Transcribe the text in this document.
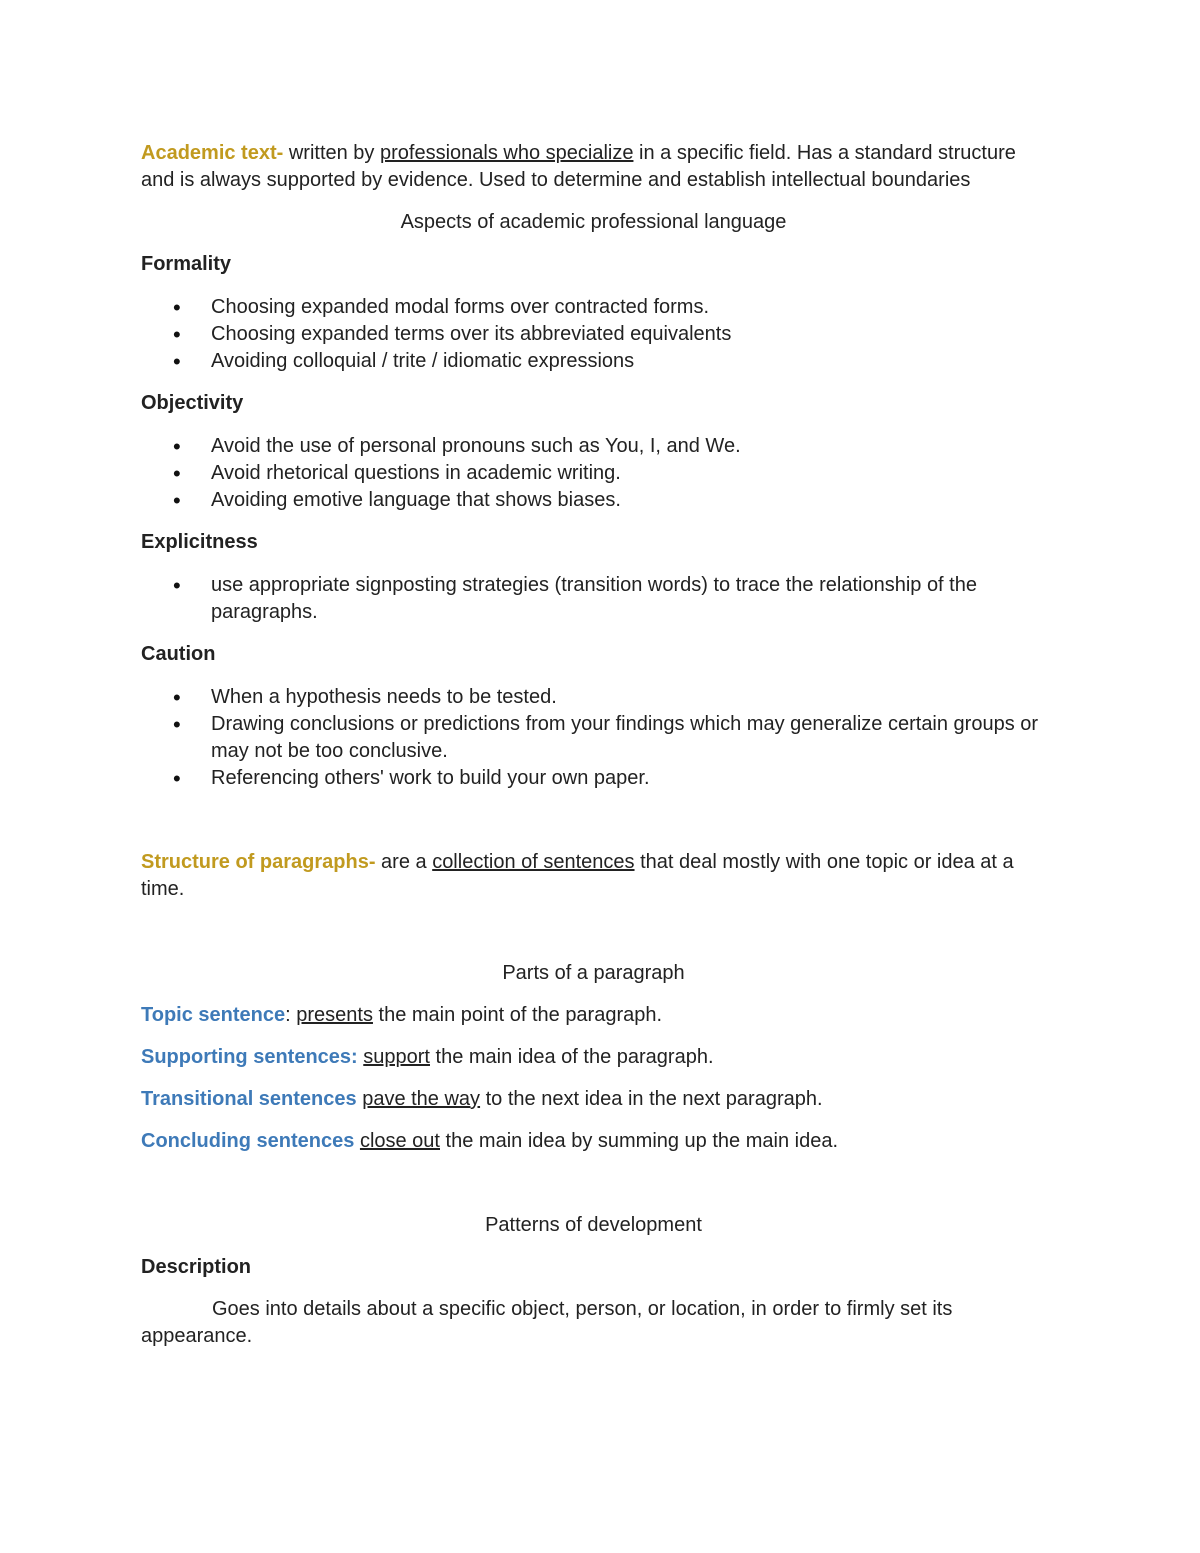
Academic text- written by professionals who specialize in a specific field. Has a standard structure and is always supported by evidence. Used to determine and establish intellectual boundaries

Aspects of academic professional language

Formality

• Choosing expanded modal forms over contracted forms.
• Choosing expanded terms over its abbreviated equivalents
• Avoiding colloquial / trite / idiomatic expressions

Objectivity

• Avoid the use of personal pronouns such as You, I, and We.
• Avoid rhetorical questions in academic writing.
• Avoiding emotive language that shows biases.

Explicitness

• use appropriate signposting strategies (transition words) to trace the relationship of the paragraphs.

Caution

• When a hypothesis needs to be tested.
• Drawing conclusions or predictions from your findings which may generalize certain groups or may not be too conclusive.
• Referencing others' work to build your own paper.

Structure of paragraphs- are a collection of sentences that deal mostly with one topic or idea at a time.

Parts of a paragraph

Topic sentence: presents the main point of the paragraph.

Supporting sentences: support the main idea of the paragraph.

Transitional sentences pave the way to the next idea in the next paragraph.

Concluding sentences close out the main idea by summing up the main idea.

Patterns of development

Description

Goes into details about a specific object, person, or location, in order to firmly set its appearance.
